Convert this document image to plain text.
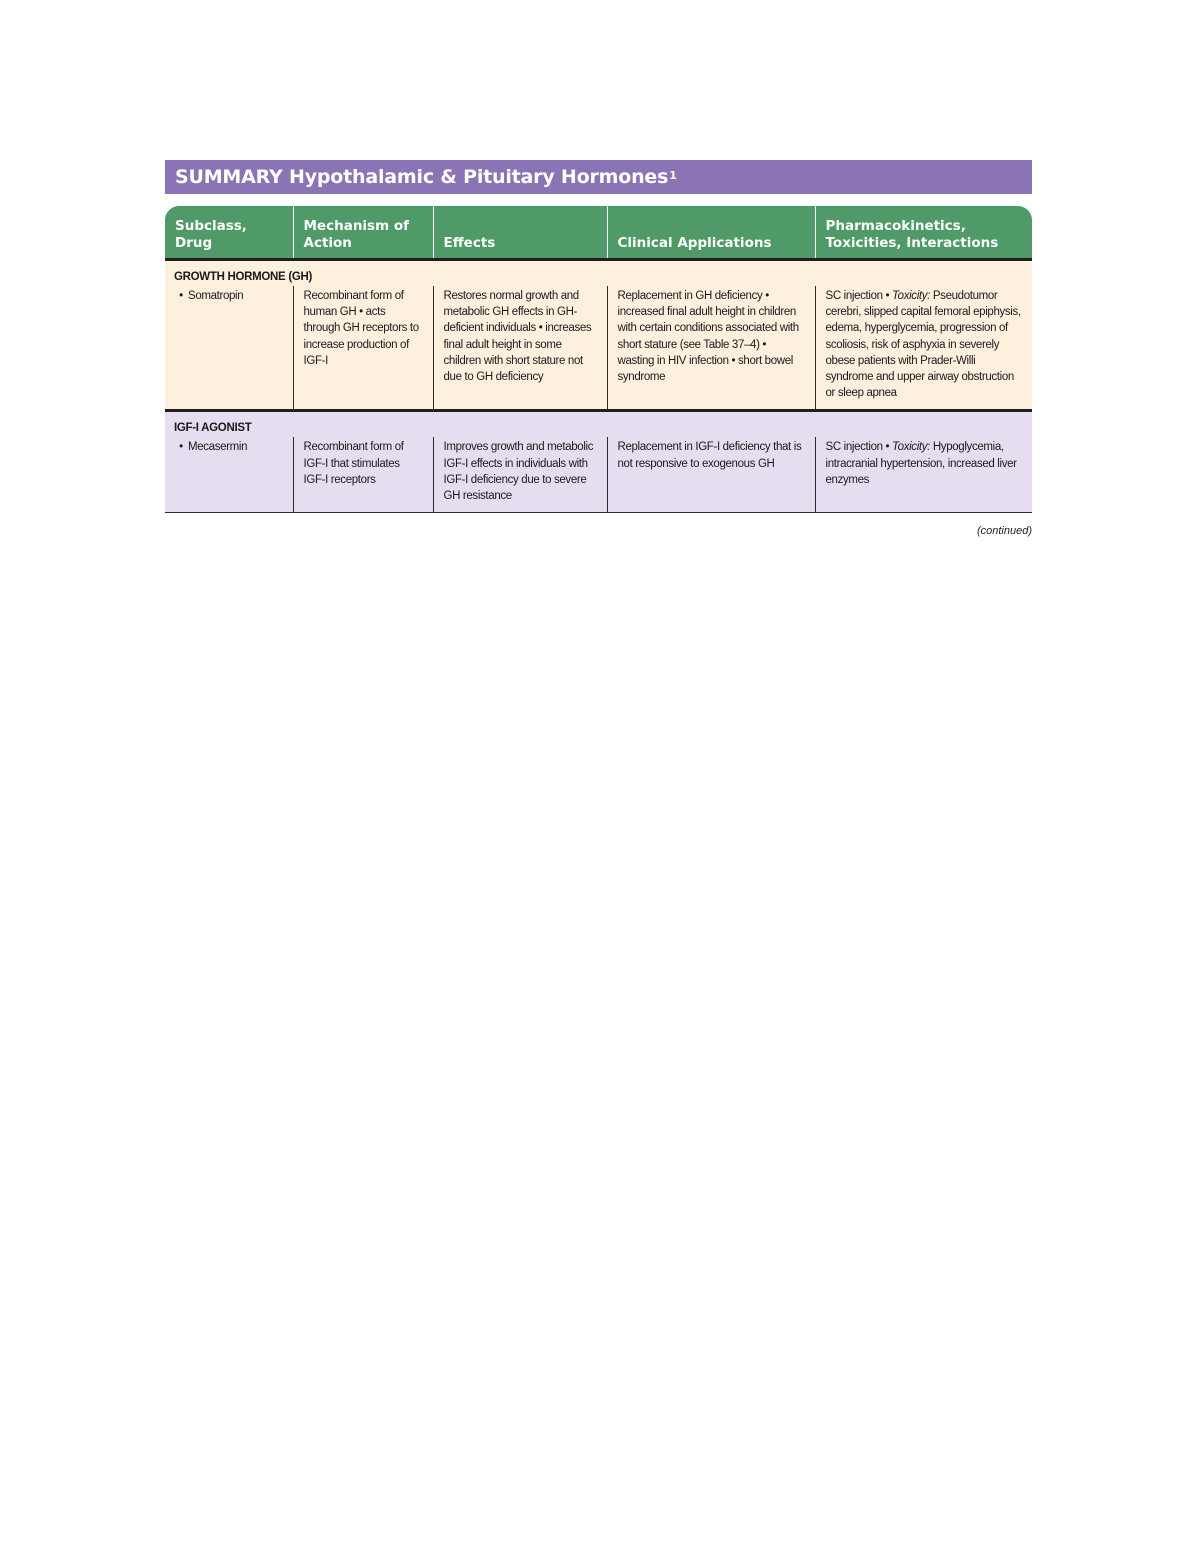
SUMMARY
Hypothalamic & Pituitary Hormones$^1$
Subclass, Drug	Mechanism of Action	Effects	Clinical Applications	Pharmacokinetics, Toxicities, Interactions
GROWTH HORMONE (GH)				
• Somatropin	Recombinant form of human GH • acts through GH receptors to increase production of IGF-I	Restores normal growth and metabolic GH effects in GH-deficient individuals • increases final adult height in some children with short stature not due to GH deficiency	Replacement in GH deficiency • increased final adult height in children with certain conditions associated with short stature (see Table 37–4) • wasting in HIV infection • short bowel syndrome	SC injection • Toxicity: Pseudotumor cerebri, slipped capital femoral epiphysis, edema, hyperglycemia, progression of scoliosis, risk of asphyxia in severely obese patients with Prader-Willi syndrome and upper airway obstruction or sleep apnea
IGF-I AGONIST				
• Mecasermin	Recombinant form of IGF-I that stimulates IGF-I receptors	Improves growth and metabolic IGF-I effects in individuals with IGF-I deficiency due to severe GH resistance	Replacement in IGF-I deficiency that is not responsive to exogenous GH	SC injection • Toxicity: Hypoglycemia, intracranial hypertension, increased liver enzymes
(continued)
